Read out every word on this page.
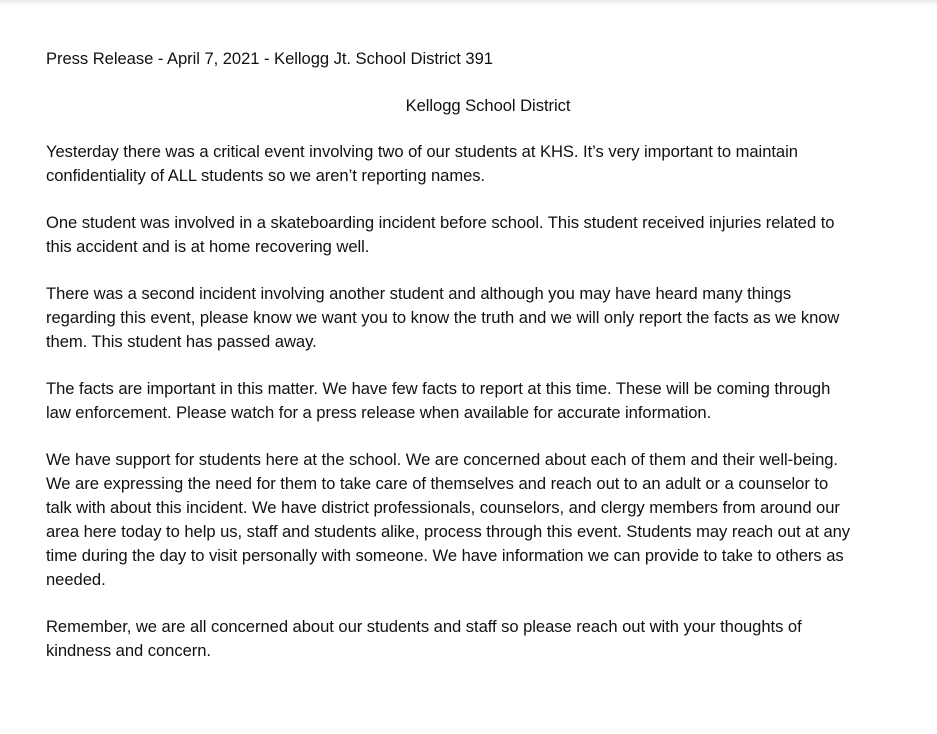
Press Release - April 7, 2021 - Kellogg Jt. School District 391

Kellogg School District

Yesterday there was a critical event involving two of our students at KHS. It’s very important to maintain
confidentiality of ALL students so we aren’t reporting names.

One student was involved in a skateboarding incident before school. This student received injuries related to
this accident and is at home recovering well.

There was a second incident involving another student and although you may have heard many things
regarding this event, please know we want you to know the truth and we will only report the facts as we know
them. This student has passed away.

The facts are important in this matter. We have few facts to report at this time. These will be coming through
law enforcement. Please watch for a press release when available for accurate information.

We have support for students here at the school. We are concerned about each of them and their well-being.
We are expressing the need for them to take care of themselves and reach out to an adult or a counselor to
talk with about this incident. We have district professionals, counselors, and clergy members from around our
area here today to help us, staff and students alike, process through this event. Students may reach out at any
time during the day to visit personally with someone. We have information we can provide to take to others as
needed.

Remember, we are all concerned about our students and staff so please reach out with your thoughts of
kindness and concern.
